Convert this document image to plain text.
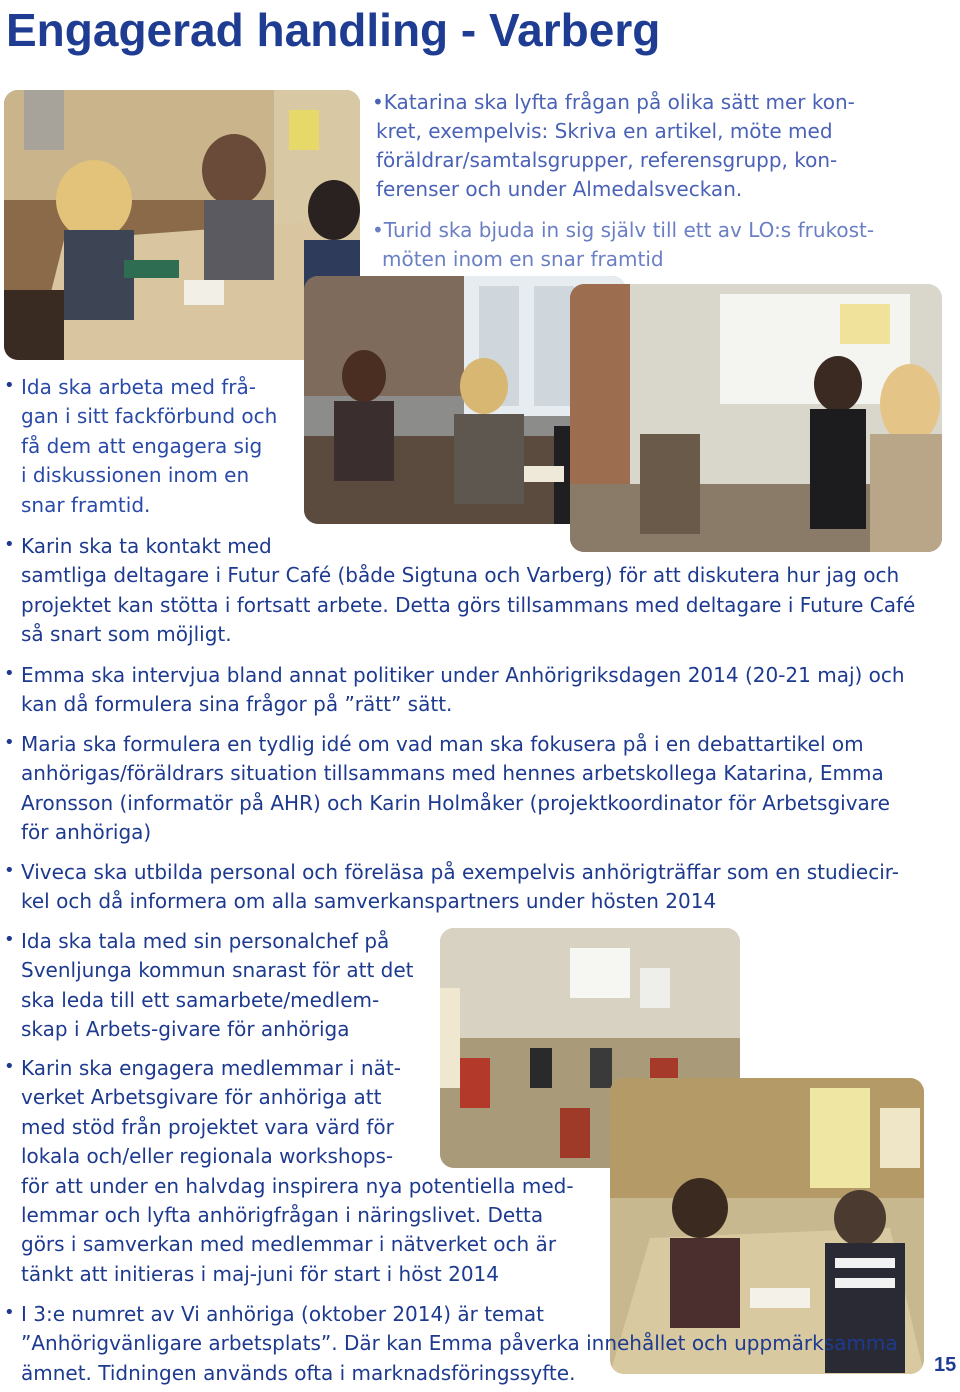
Engagerad handling - Varberg
•Katarina ska lyfta frågan på olika sätt mer kon-
kret, exempelvis: Skriva en artikel, möte med
föräldrar/samtalsgrupper, referensgrupp, kon-
ferenser och under Almedalsveckan.
•Turid ska bjuda in sig själv till ett av LO:s frukost-
möten inom en snar framtid
• Ida ska arbeta med frå-
gan i sitt fackförbund och
få dem att engagera sig
i diskussionen inom en
snar framtid.
• Karin ska ta kontakt med
samtliga deltagare i Futur Café (både Sigtuna och Varberg) för att diskutera hur jag och
projektet kan stötta i fortsatt arbete. Detta görs tillsammans med deltagare i Future Café
så snart som möjligt.
• Emma ska intervjua bland annat politiker under Anhörigriksdagen 2014 (20-21 maj) och
kan då formulera sina frågor på ”rätt” sätt.
• Maria ska formulera en tydlig idé om vad man ska fokusera på i en debattartikel om
anhörigas/föräldrars situation tillsammans med hennes arbetskollega Katarina, Emma
Aronsson (informatör på AHR) och Karin Holmåker (projektkoordinator för Arbetsgivare
för anhöriga)
• Viveca ska utbilda personal och föreläsa på exempelvis anhörigträffar som en studiecir-
kel och då informera om alla samverkanspartners under hösten 2014
• Ida ska tala med sin personalchef på
Svenljunga kommun snarast för att det
ska leda till ett samarbete/medlem-
skap i Arbets-givare för anhöriga
• Karin ska engagera medlemmar i nät-
verket Arbetsgivare för anhöriga att
med stöd från projektet vara värd för
lokala och/eller regionala workshops-
för att under en halvdag inspirera nya potentiella med-
lemmar och lyfta anhörigfrågan i näringslivet. Detta
görs i samverkan med medlemmar i nätverket och är
tänkt att initieras i maj-juni för start i höst 2014
• I 3:e numret av Vi anhöriga (oktober 2014) är temat
”Anhörigvänligare arbetsplats”. Där kan Emma påverka innehållet och uppmärksamma
ämnet. Tidningen används ofta i marknadsföringssyfte.	15
